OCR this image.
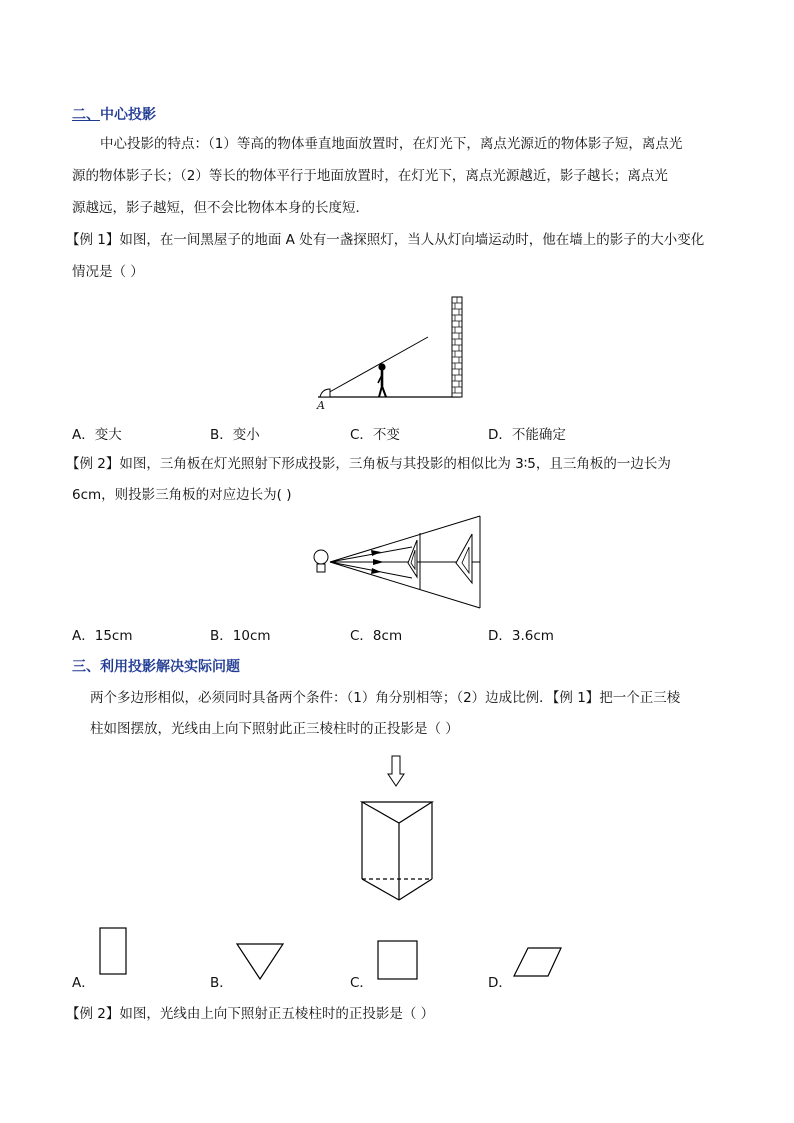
二、中心投影
中心投影的特点：（1）等高的物体垂直地面放置时，在灯光下，离点光源近的物体影子短，离点光
源的物体影子长；（2）等长的物体平行于地面放置时，在灯光下，离点光源越近，影子越长；离点光
源越远，影子越短，但不会比物体本身的长度短．
【例 1】如图，在一间黑屋子的地面 A 处有一盏探照灯，当人从灯向墙运动时，他在墙上的影子的大小变化
情况是（ ）
A
A．变大	B．变小	C．不变	D．不能确定
【例 2】如图，三角板在灯光照射下形成投影，三角板与其投影的相似比为 3∶5，且三角板的一边长为
6cm，则投影三角板的对应边长为( )
A．15cm	B．10cm	C．8cm	D．3.6cm
三、利用投影解决实际问题
两个多边形相似，必须同时具备两个条件：（1）角分别相等；（2）边成比例．【例 1】把一个正三棱
柱如图摆放，光线由上向下照射此正三棱柱时的正投影是（ ）
A．	B．	C．	D．
【例 2】如图，光线由上向下照射正五棱柱时的正投影是（ ）
